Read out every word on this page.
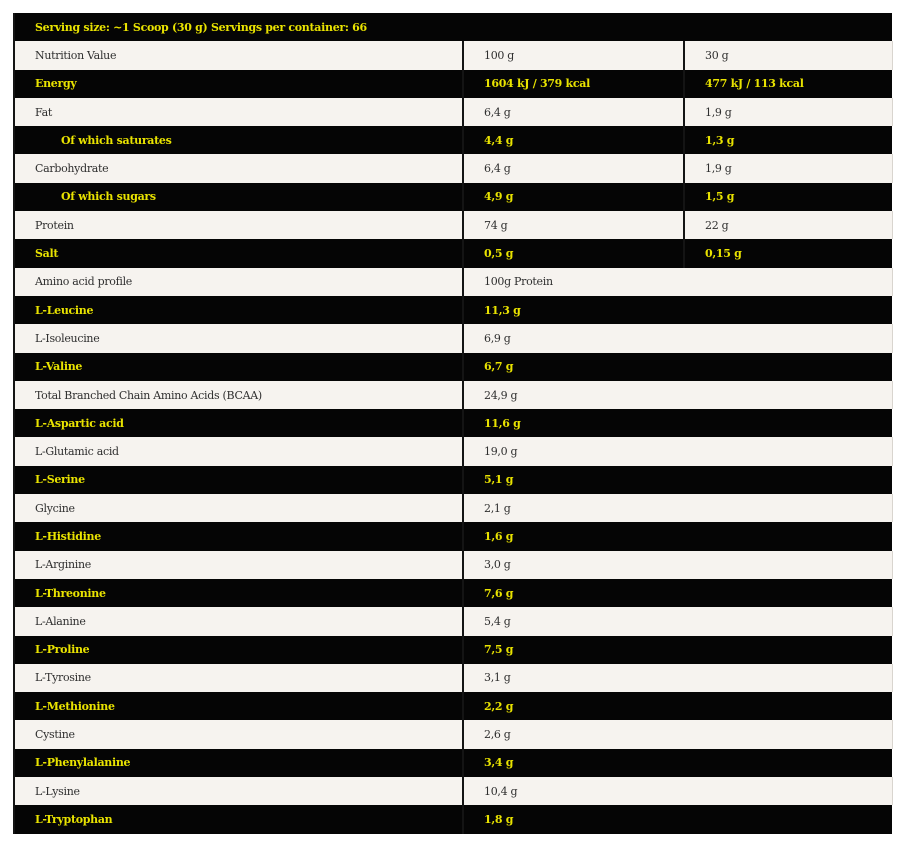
Serving size: ~1 Scoop (30 g) Servings per container: 66		
Nutrition Value	100 g	30 g
Energy	1604 kJ / 379 kcal	477 kJ / 113 kcal
Fat	6,4 g	1,9 g
Of which saturates	4,4 g	1,3 g
Carbohydrate	6,4 g	1,9 g
Of which sugars	4,9 g	1,5 g
Protein	74 g	22 g
Salt	0,5 g	0,15 g
Amino acid profile	100g Protein	
L-Leucine	11,3 g	
L-Isoleucine	6,9 g	
L-Valine	6,7 g	
Total Branched Chain Amino Acids (BCAA)	24,9 g	
L-Aspartic acid	11,6 g	
L-Glutamic acid	19,0 g	
L-Serine	5,1 g	
Glycine	2,1 g	
L-Histidine	1,6 g	
L-Arginine	3,0 g	
L-Threonine	7,6 g	
L-Alanine	5,4 g	
L-Proline	7,5 g	
L-Tyrosine	3,1 g	
L-Methionine	2,2 g	
Cystine	2,6 g	
L-Phenylalanine	3,4 g	
L-Lysine	10,4 g	
L-Tryptophan	1,8 g	
